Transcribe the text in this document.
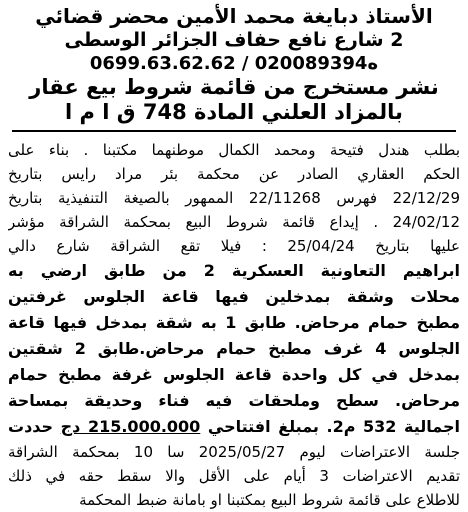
الأستاذ دبايغة محمد الأمين محضر قضائي
2 شارع نافع حفاف الجزائر الوسطى
0699.63.62.62 / 020089394ه
نشر مستخرج من قائمة شروط بيع عقار
بالمزاد العلني المادة 748 ق ا م ا
بطلب هندل فتيحة ومحمد الكمال موطنهما مكتبنا . بناء على
الحكم العقاري الصادر عن محكمة بئر مراد رايس بتاريخ
22/12/29 فهرس 22/11268 الممهور بالصيغة التنفيذية بتاريخ
24/02/12 . إيداع قائمة شروط البيع بمحكمة الشراقة مؤشر
عليها بتاريخ 25/04/24 : فيلا تقع الشراقة شارع دالي
ابراهيم التعاونية العسكرية 2 من طابق ارضي به
محلات وشقة بمدخلين فيها قاعة الجلوس غرفتين
مطبخ حمام مرحاض. طابق 1 به شقة بمدخل فيها قاعة
الجلوس 4 غرف مطبخ حمام مرحاض.طابق 2 شقتين
بمدخل في كل واحدة قاعة الجلوس غرفة مطبخ حمام
مرحاض. سطح وملحقات فيه فناء وحديقة بمساحة
اجمالية 532 م2. بمبلغ افتتاحي 215.000.000 دج حددت
جلسة الاعتراضات ليوم 2025/05/27 سا 10 بمحكمة الشراقة
تقديم الاعتراضات 3 أيام على الأقل والا سقط حقه في ذلك
للاطلاع على قائمة شروط البيع بمكتبنا او بامانة ضبط المحكمة
